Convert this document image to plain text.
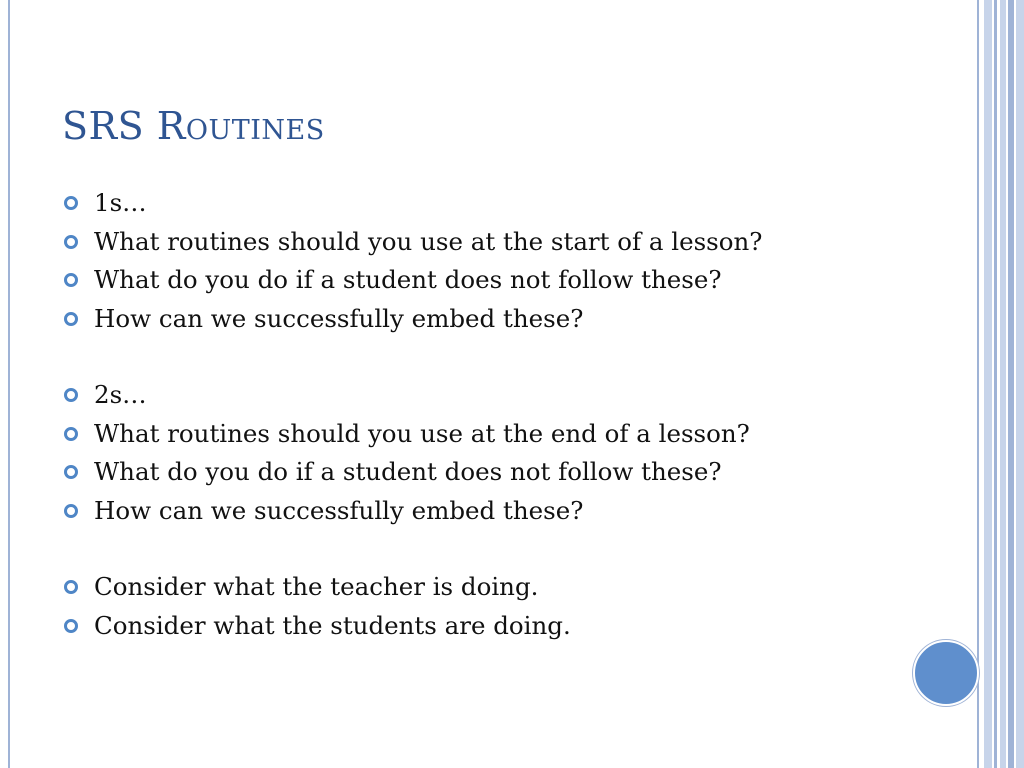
SRS Routines
1s…
What routines should you use at the start of a lesson?
What do you do if a student does not follow these?
How can we successfully embed these?
2s…
What routines should you use at the end of a lesson?
What do you do if a student does not follow these?
How can we successfully embed these?
Consider what the teacher is doing.
Consider what the students are doing.
